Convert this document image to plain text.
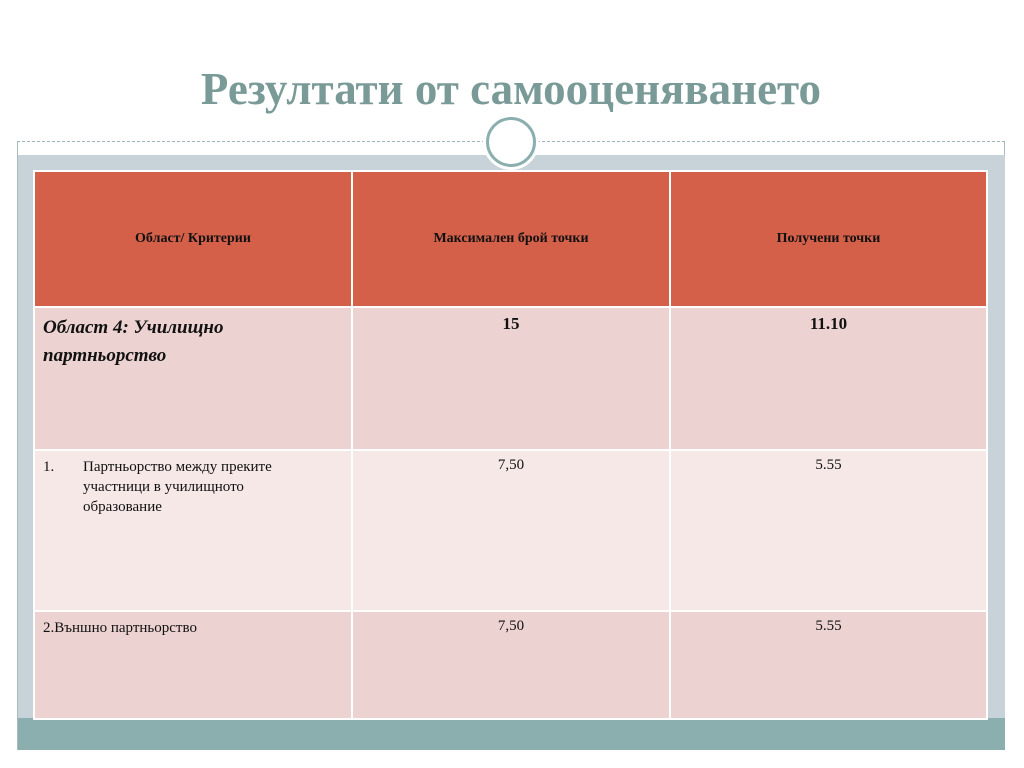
Резултати от самооценяването
Област/ Критерии	Максимален брой точки	Получени точки

Област 4: Училищно партньорство	15	11.10

1. Партньорство между преките участници в училищното образование	7,50	5.55

2.Външно партньорство	7,50	5.55
